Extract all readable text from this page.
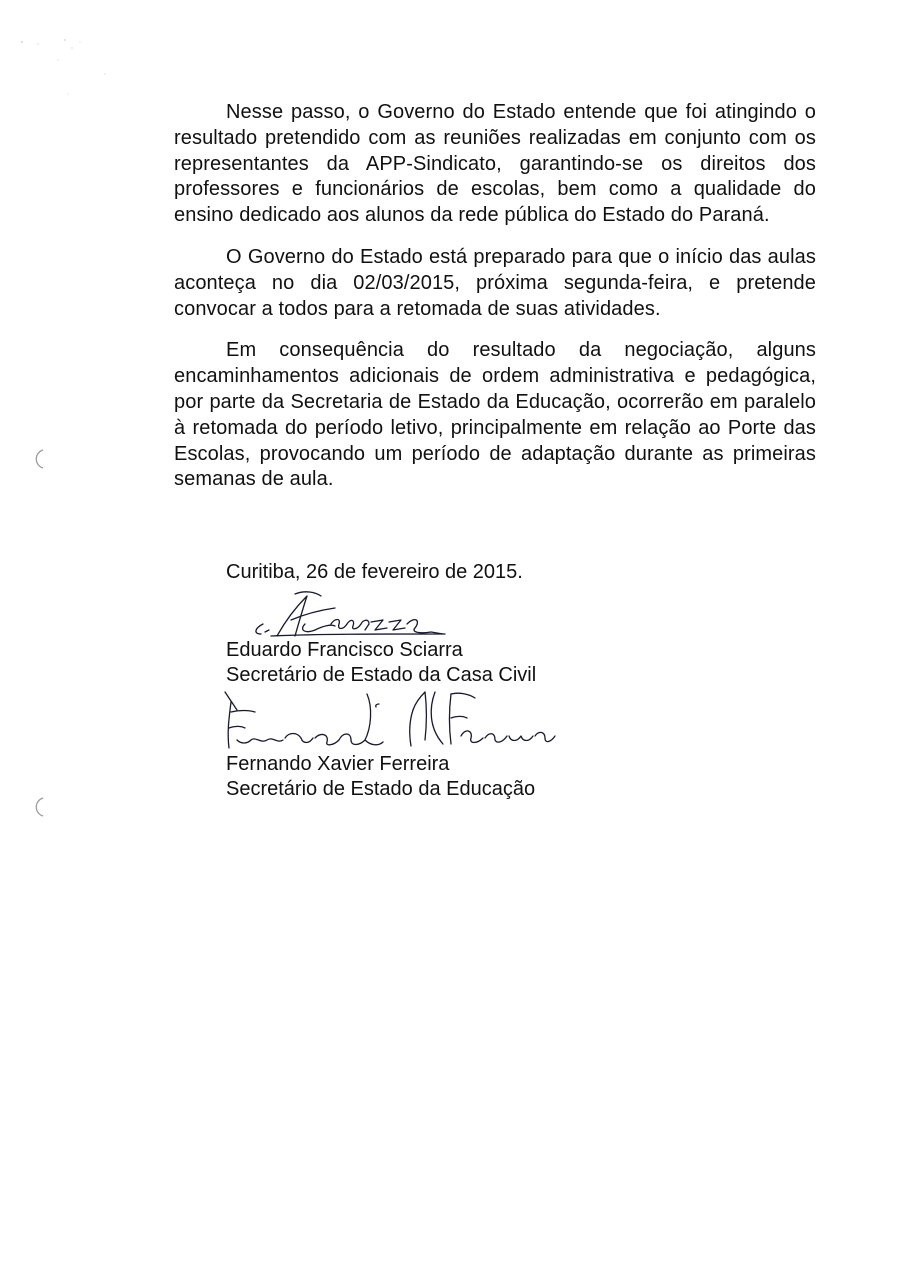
Nesse passo, o Governo do Estado entende que foi atingindo o resultado pretendido com as reuniões realizadas em conjunto com os representantes da APP-Sindicato, garantindo-se os direitos dos professores e funcionários de escolas, bem como a qualidade do ensino dedicado aos alunos da rede pública do Estado do Paraná.

O Governo do Estado está preparado para que o início das aulas aconteça no dia 02/03/2015, próxima segunda-feira, e pretende convocar a todos para a retomada de suas atividades.

Em consequência do resultado da negociação, alguns encaminhamentos adicionais de ordem administrativa e pedagógica, por parte da Secretaria de Estado da Educação, ocorrerão em paralelo à retomada do período letivo, principalmente em relação ao Porte das Escolas, provocando um período de adaptação durante as primeiras semanas de aula.

Curitiba, 26 de fevereiro de 2015.
Eduardo Francisco Sciarra
Secretário de Estado da Casa Civil
Fernando Xavier Ferreira
Secretário de Estado da Educação
